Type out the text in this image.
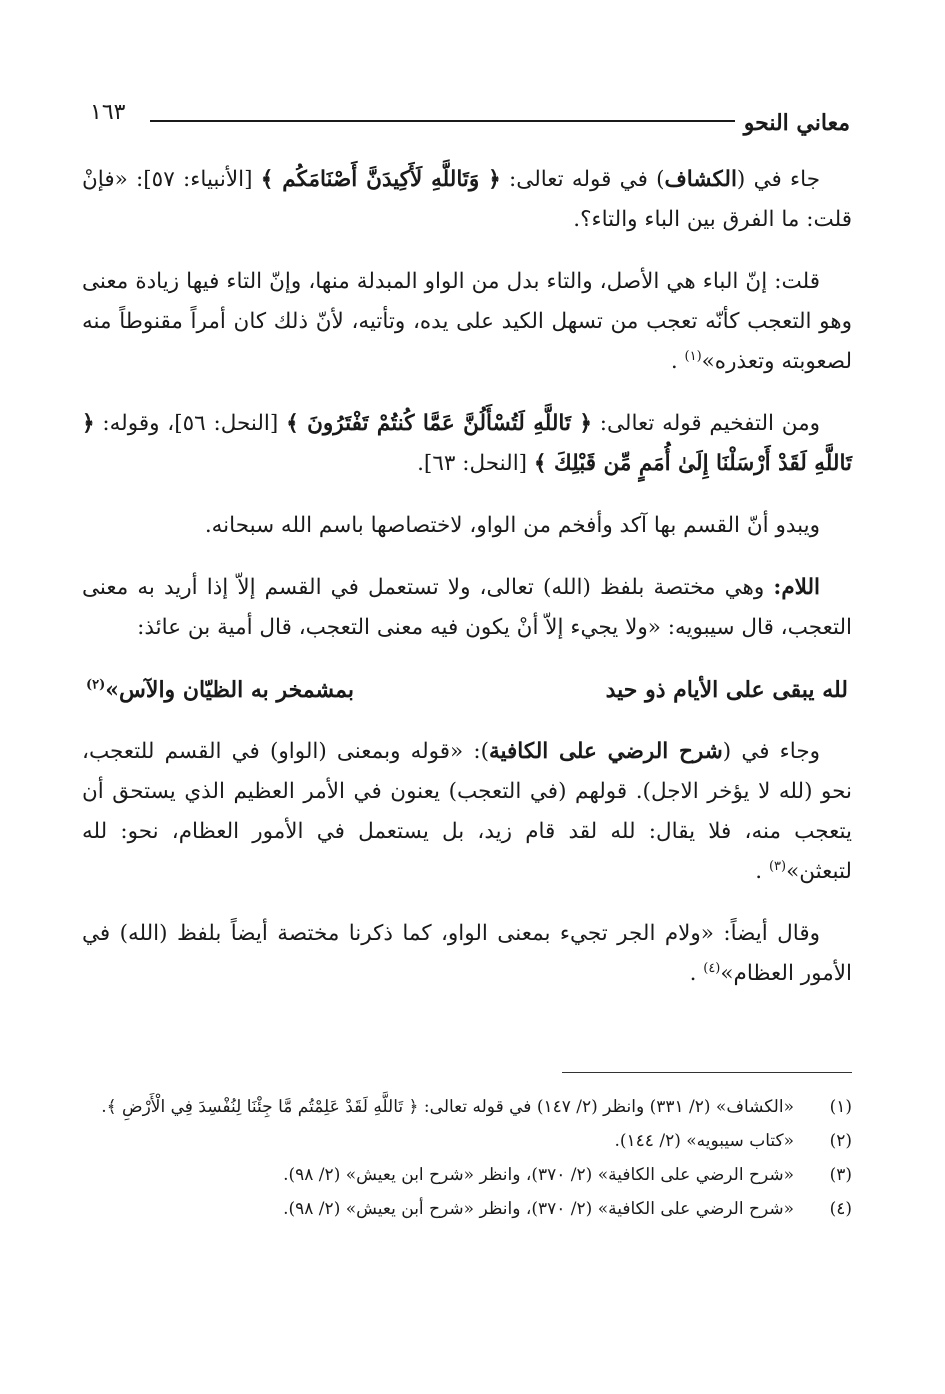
معاني النحو
١٦٣

جاء في (الكشاف) في قوله تعالى: ﴿ وَتَاللَّهِ لَأَكِيدَنَّ أَصْنَامَكُم ﴾ [الأنبياء: ٥٧]: «فإنْ قلت: ما الفرق بين الباء والتاء؟.

قلت: إنّ الباء هي الأصل، والتاء بدل من الواو المبدلة منها، وإنّ التاء فيها زيادة معنى وهو التعجب كأنّه تعجب من تسهل الكيد على يده، وتأتيه، لأنّ ذلك كان أمراً مقنوطاً منه لصعوبته وتعذره»$^{(١)}$ .

ومن التفخيم قوله تعالى: ﴿ تَاللَّهِ لَتُسْأَلُنَّ عَمَّا كُنتُمْ تَفْتَرُونَ ﴾ [النحل: ٥٦]، وقوله: ﴿ تَاللَّهِ لَقَدْ أَرْسَلْنَا إِلَىٰ أُمَمٍ مِّن قَبْلِكَ ﴾ [النحل: ٦٣].

ويبدو أنّ القسم بها آكد وأفخم من الواو، لاختصاصها باسم الله سبحانه.

اللام: وهي مختصة بلفظ (الله) تعالى، ولا تستعمل في القسم إلاّ إذا أريد به معنى التعجب، قال سيبويه: «ولا يجيء إلاّ أنْ يكون فيه معنى التعجب، قال أمية بن عائذ:

لله يبقى على الأيام ذو حيد
بمشمخر به الظيّان والآس»$^{(٢)}$

وجاء في (شرح الرضي على الكافية): «قوله وبمعنى (الواو) في القسم للتعجب، نحو (لله لا يؤخر الاجل). قولهم (في التعجب) يعنون في الأمر العظيم الذي يستحق أن يتعجب منه، فلا يقال: لله لقد قام زيد، بل يستعمل في الأمور العظام، نحو: لله لتبعثن»$^{(٣)}$ .

وقال أيضاً: «ولام الجر تجيء بمعنى الواو، كما ذكرنا مختصة أيضاً بلفظ (الله) في الأمور العظام»$^{(٤)}$ .

(١)
«الكشاف» (٢/ ٣٣١) وانظر (٢/ ١٤٧) في قوله تعالى: ﴿ تَاللَّهِ لَقَدْ عَلِمْتُم مَّا جِئْنَا لِنُفْسِدَ فِي الْأَرْضِ ﴾.
(٢)
«كتاب سيبويه» (٢/ ١٤٤).
(٣)
«شرح الرضي على الكافية» (٢/ ٣٧٠)، وانظر «شرح ابن يعيش» (٢/ ٩٨).
(٤)
«شرح الرضي على الكافية» (٢/ ٣٧٠)، وانظر «شرح أبن يعيش» (٢/ ٩٨).
